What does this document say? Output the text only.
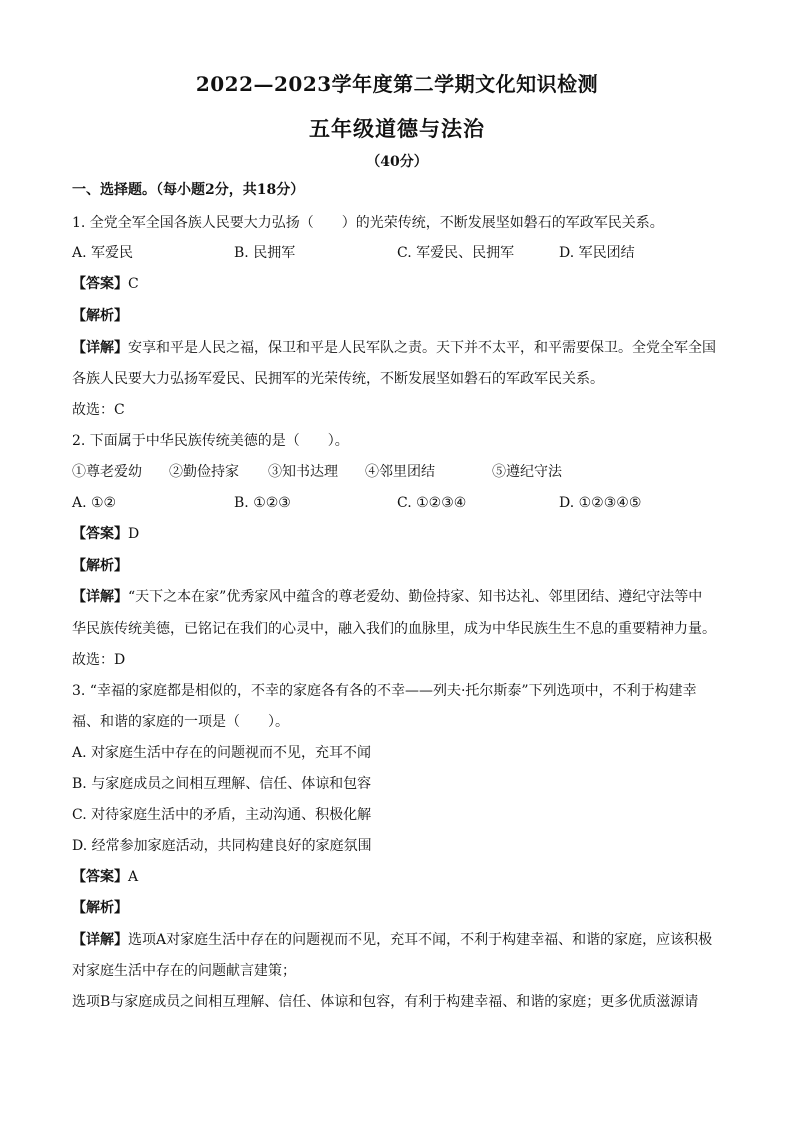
2022—2023学年度第二学期文化知识检测
五年级道德与法治
（40分）
一、选择题。（每小题2分，共18分）
1. 全党全军全国各族人民要大力弘扬（　　）的光荣传统，不断发展坚如磐石的军政军民关系。
A. 军爱民	B. 民拥军	C. 军爱民、民拥军	D. 军民团结
【答案】C
【解析】
【详解】安享和平是人民之福，保卫和平是人民军队之责。天下并不太平，和平需要保卫。全党全军全国
各族人民要大力弘扬军爱民、民拥军的光荣传统，不断发展坚如磐石的军政军民关系。
故选：C
2. 下面属于中华民族传统美德的是（　　）。
①尊老爱幼 ②勤俭持家 ③知书达理 ④邻里团结	⑤遵纪守法
A. ①②	B. ①②③	C. ①②③④	D. ①②③④⑤
【答案】D
【解析】
【详解】“天下之本在家”优秀家风中蕴含的尊老爱幼、勤俭持家、知书达礼、邻里团结、遵纪守法等中
华民族传统美德，已铭记在我们的心灵中，融入我们的血脉里，成为中华民族生生不息的重要精神力量。
故选：D
3. “幸福的家庭都是相似的，不幸的家庭各有各的不幸——列夫·托尔斯泰”下列选项中，不利于构建幸
福、和谐的家庭的一项是（　　）。
A. 对家庭生活中存在的问题视而不见，充耳不闻
B. 与家庭成员之间相互理解、信任、体谅和包容
C. 对待家庭生活中的矛盾，主动沟通、积极化解
D. 经常参加家庭活动，共同构建良好的家庭氛围
【答案】A
【解析】
【详解】选项A对家庭生活中存在的问题视而不见，充耳不闻，不利于构建幸福、和谐的家庭，应该积极
对家庭生活中存在的问题献言建策；
选项B与家庭成员之间相互理解、信任、体谅和包容，有利于构建幸福、和谐的家庭；更多优质滋源请
